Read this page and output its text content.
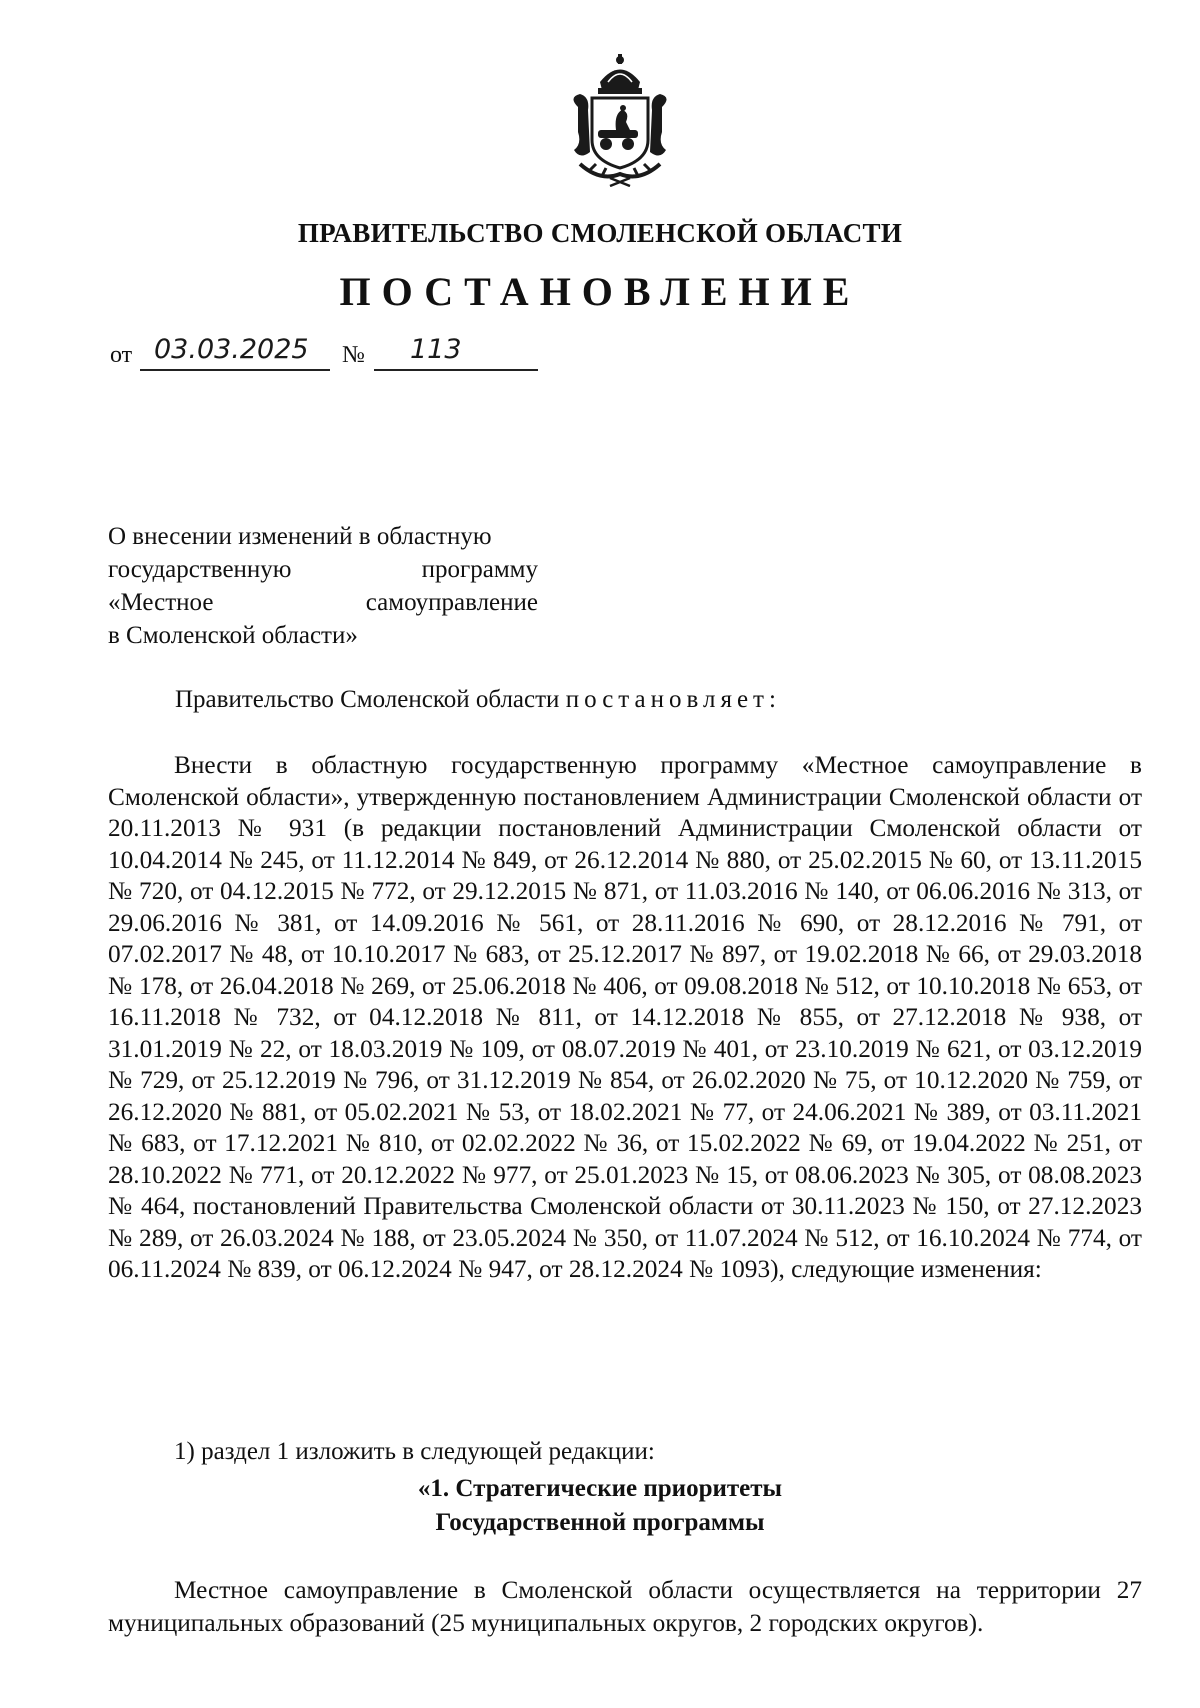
ПРАВИТЕЛЬСТВО СМОЛЕНСКОЙ ОБЛАСТИ
ПОСТАНОВЛЕНИЕ
от 03.03.2025 № 113
О внесении изменений в областную
государственную	программу
«Местное	самоуправление
в Смоленской области»
Правительство Смоленской области постановляет:

Внести в областную государственную программу «Местное самоуправление в Смоленской области», утвержденную постановлением Администрации Смоленской области от 20.11.2013 № 931 (в редакции постановлений Администрации Смоленской области от 10.04.2014 № 245, от 11.12.2014 № 849, от 26.12.2014 № 880, от 25.02.2015 № 60, от 13.11.2015 № 720, от 04.12.2015 № 772, от 29.12.2015 № 871, от 11.03.2016 № 140, от 06.06.2016 № 313, от 29.06.2016 № 381, от 14.09.2016 № 561, от 28.11.2016 № 690, от 28.12.2016 № 791, от 07.02.2017 № 48, от 10.10.2017 № 683, от 25.12.2017 № 897, от 19.02.2018 № 66, от 29.03.2018 № 178, от 26.04.2018 № 269, от 25.06.2018 № 406, от 09.08.2018 № 512, от 10.10.2018 № 653, от 16.11.2018 № 732, от 04.12.2018 № 811, от 14.12.2018 № 855, от 27.12.2018 № 938, от 31.01.2019 № 22, от 18.03.2019 № 109, от 08.07.2019 № 401, от 23.10.2019 № 621, от 03.12.2019 № 729, от 25.12.2019 № 796, от 31.12.2019 № 854, от 26.02.2020 № 75, от 10.12.2020 № 759, от 26.12.2020 № 881, от 05.02.2021 № 53, от 18.02.2021 № 77, от 24.06.2021 № 389, от 03.11.2021 № 683, от 17.12.2021 № 810, от 02.02.2022 № 36, от 15.02.2022 № 69, от 19.04.2022 № 251, от 28.10.2022 № 771, от 20.12.2022 № 977, от 25.01.2023 № 15, от 08.06.2023 № 305, от 08.08.2023 № 464, постановлений Правительства Смоленской области от 30.11.2023 № 150, от 27.12.2023 № 289, от 26.03.2024 № 188, от 23.05.2024 № 350, от 11.07.2024 № 512, от 16.10.2024 № 774, от 06.11.2024 № 839, от 06.12.2024 № 947, от 28.12.2024 № 1093), следующие изменения:

1) раздел 1 изложить в следующей редакции:
«1. Стратегические приоритеты
Государственной программы

Местное самоуправление в Смоленской области осуществляется на территории 27 муниципальных образований (25 муниципальных округов, 2 городских округов).
